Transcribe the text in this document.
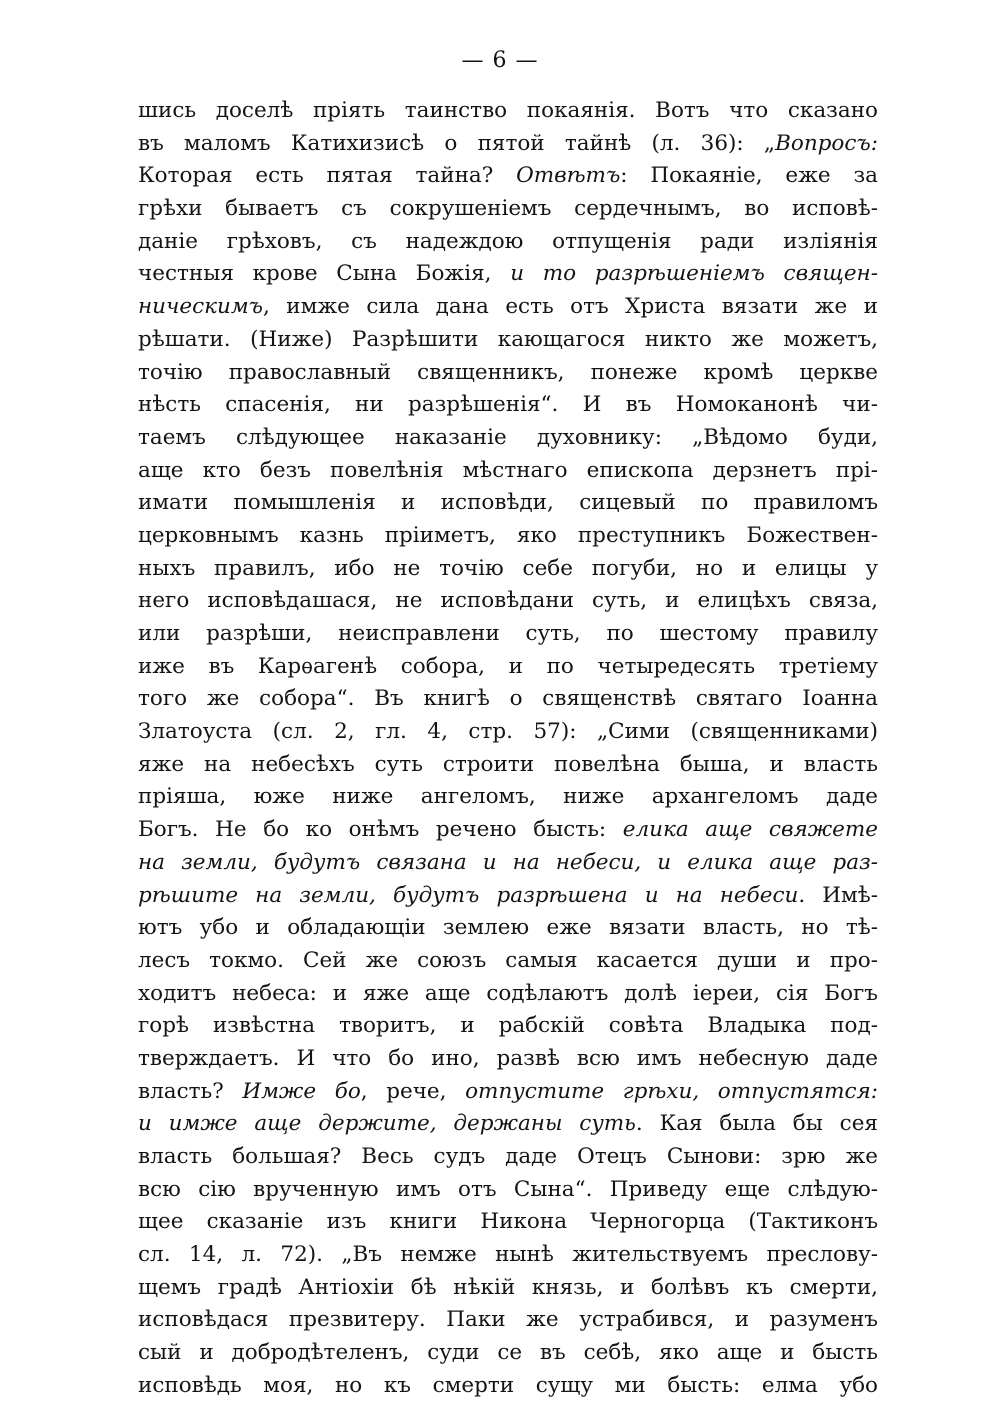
— 6 —
шись доселѣ пріять таинство покаянія. Вотъ что сказано
въ маломъ Катихизисѣ о пятой тайнѣ (л. 36): „Вопросъ:
Которая есть пятая тайна? Отвѣтъ: Покаяніе, еже за
грѣхи бываетъ съ сокрушеніемъ сердечнымъ, во исповѣ-
даніе грѣховъ, съ надеждою отпущенія ради изліянія
честныя крове Сына Божія, и то разрѣшеніемъ священ-
ническимъ, имже сила дана есть отъ Христа вязати же и
рѣшати. (Ниже) Разрѣшити кающагося никто же можетъ,
точію православный священникъ, понеже кромѣ церкве
нѣсть спасенія, ни разрѣшенія“. И въ Номоканонѣ чи-
таемъ слѣдующее наказаніе духовнику: „Вѣдомо буди,
аще кто безъ повелѣнія мѣстнаго епископа дерзнетъ прі-
имати помышленія и исповѣди, сицевый по правиломъ
церковнымъ казнь пріиметъ, яко преступникъ Божествен-
ныхъ правилъ, ибо не точію себе погуби, но и елицы у
него исповѣдашася, не исповѣдани суть, и елицѣхъ связа,
или разрѣши, неисправлени суть, по шестому правилу
иже въ Карѳагенѣ собора, и по четыредесять третіему
того же собора“. Въ книгѣ о священствѣ святаго Іоанна
Златоуста (сл. 2, гл. 4, стр. 57): „Сими (священниками)
яже на небесѣхъ суть строити повелѣна быша, и власть
пріяша, юже ниже ангеломъ, ниже архангеломъ даде
Богъ. Не бо ко онѣмъ речено бысть: елика аще свяжете
на земли, будутъ связана и на небеси, и елика аще раз-
рѣшите на земли, будутъ разрѣшена и на небеси. Имѣ-
ютъ убо и обладающіи землею еже вязати власть, но тѣ-
лесъ токмо. Сей же союзъ самыя касается души и про-
ходитъ небеса: и яже аще содѣлаютъ долѣ іереи, сія Богъ
горѣ извѣстна творитъ, и рабскій совѣта Владыка под-
тверждаетъ. И что бо ино, развѣ всю имъ небесную даде
власть? Имже бо, рече, отпустите грѣхи, отпустятся:
и имже аще держите, держаны суть. Кая была бы сея
власть большая? Весь судъ даде Отецъ Сынови: зрю же
всю сію врученную имъ отъ Сына“. Приведу еще слѣдую-
щее сказаніе изъ книги Никона Черногорца (Тактиконъ
сл. 14, л. 72). „Въ немже нынѣ жительствуемъ преслову-
щемъ градѣ Антіохіи бѣ нѣкій князь, и болѣвъ къ смерти,
исповѣдася презвитеру. Паки же устрабився, и разуменъ
сый и добродѣтеленъ, суди се въ себѣ, яко аще и бысть
исповѣдь моя, но къ смерти сущу ми бысть: елма убо
